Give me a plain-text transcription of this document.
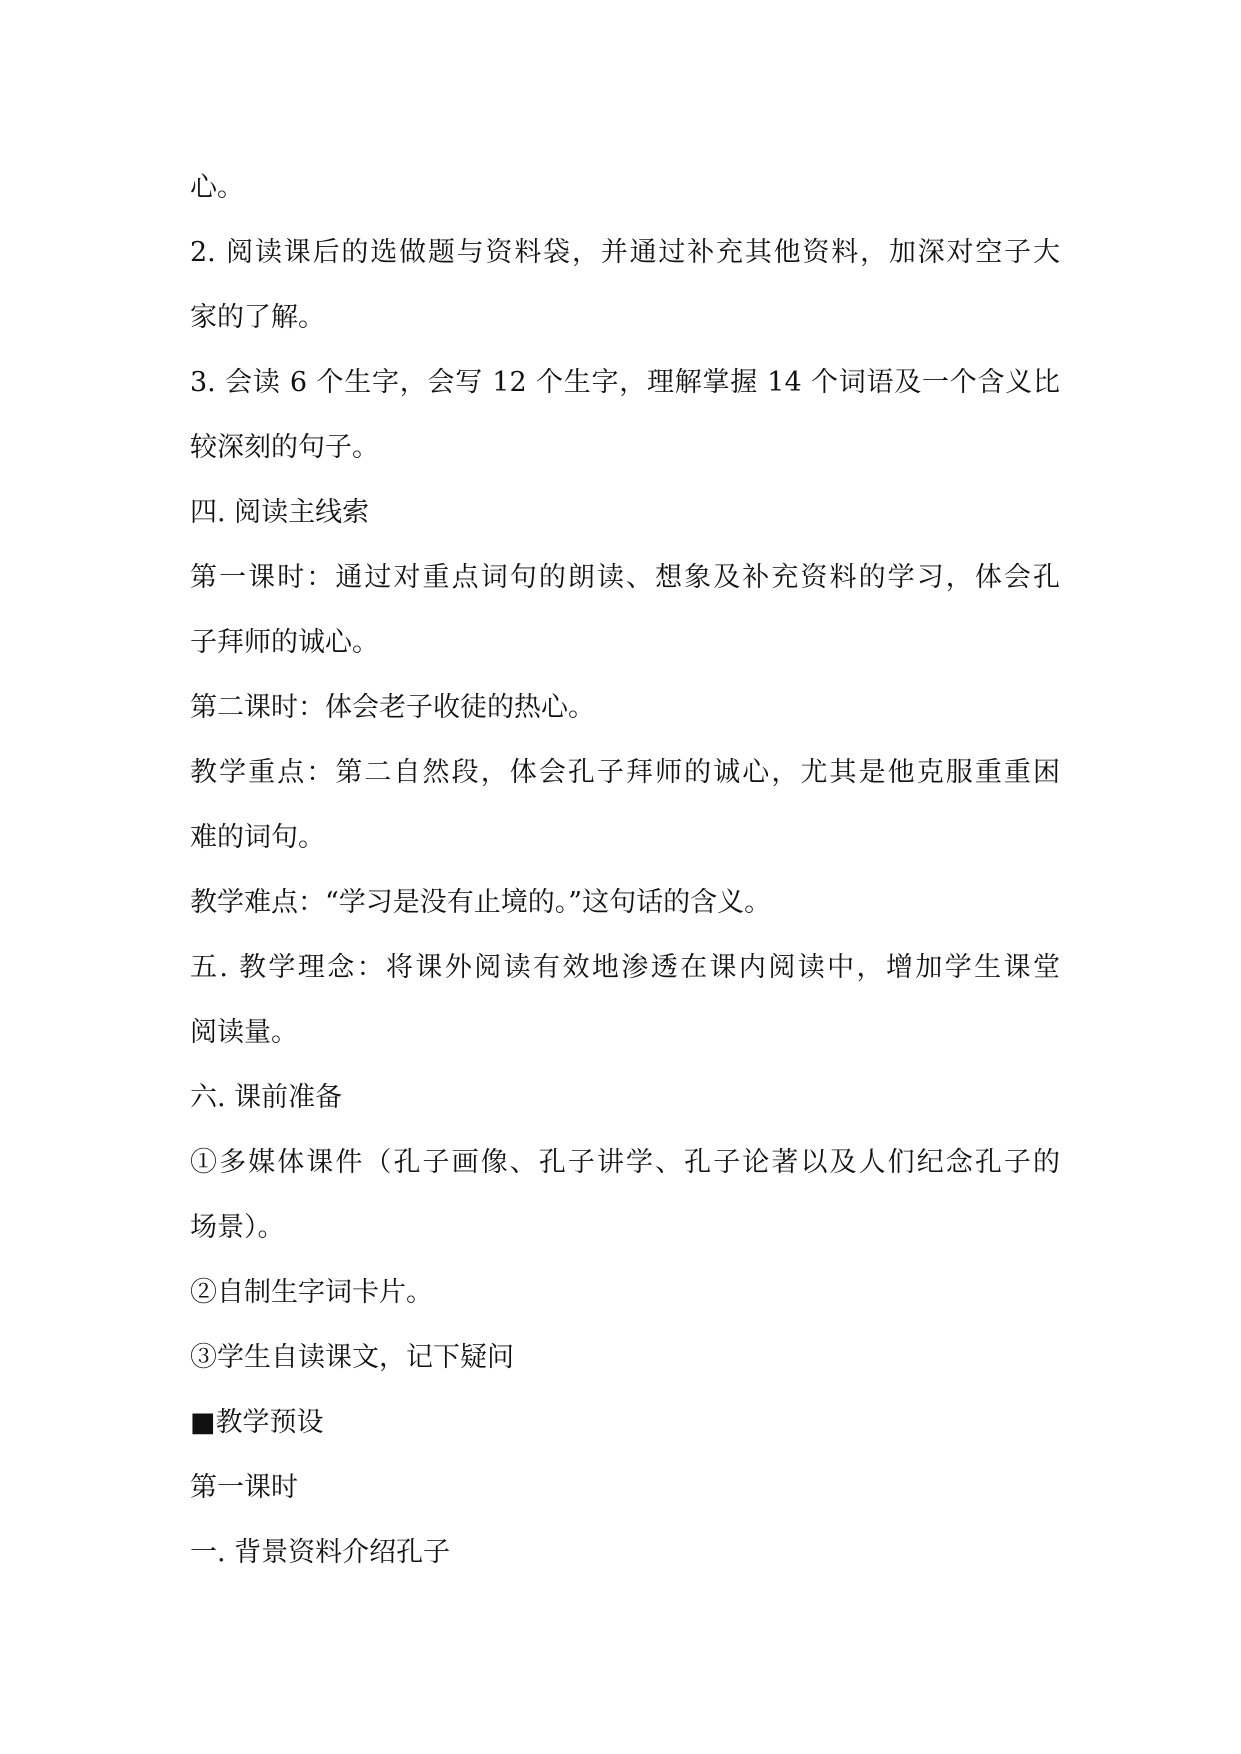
心。
2. 阅读课后的选做题与资料袋，并通过补充其他资料，加深对空子大
家的了解。
3. 会读 6 个生字，会写 12 个生字，理解掌握 14 个词语及一个含义比
较深刻的句子。
四. 阅读主线索
第一课时：通过对重点词句的朗读、想象及补充资料的学习，体会孔
子拜师的诚心。
第二课时：体会老子收徒的热心。
教学重点：第二自然段，体会孔子拜师的诚心，尤其是他克服重重困
难的词句。
教学难点：“学习是没有止境的。”这句话的含义。
五. 教学理念：将课外阅读有效地渗透在课内阅读中，增加学生课堂
阅读量。
六. 课前准备
①多媒体课件（孔子画像、孔子讲学、孔子论著以及人们纪念孔子的
场景）。
②自制生字词卡片。
③学生自读课文，记下疑问
■教学预设
第一课时
一. 背景资料介绍孔子
